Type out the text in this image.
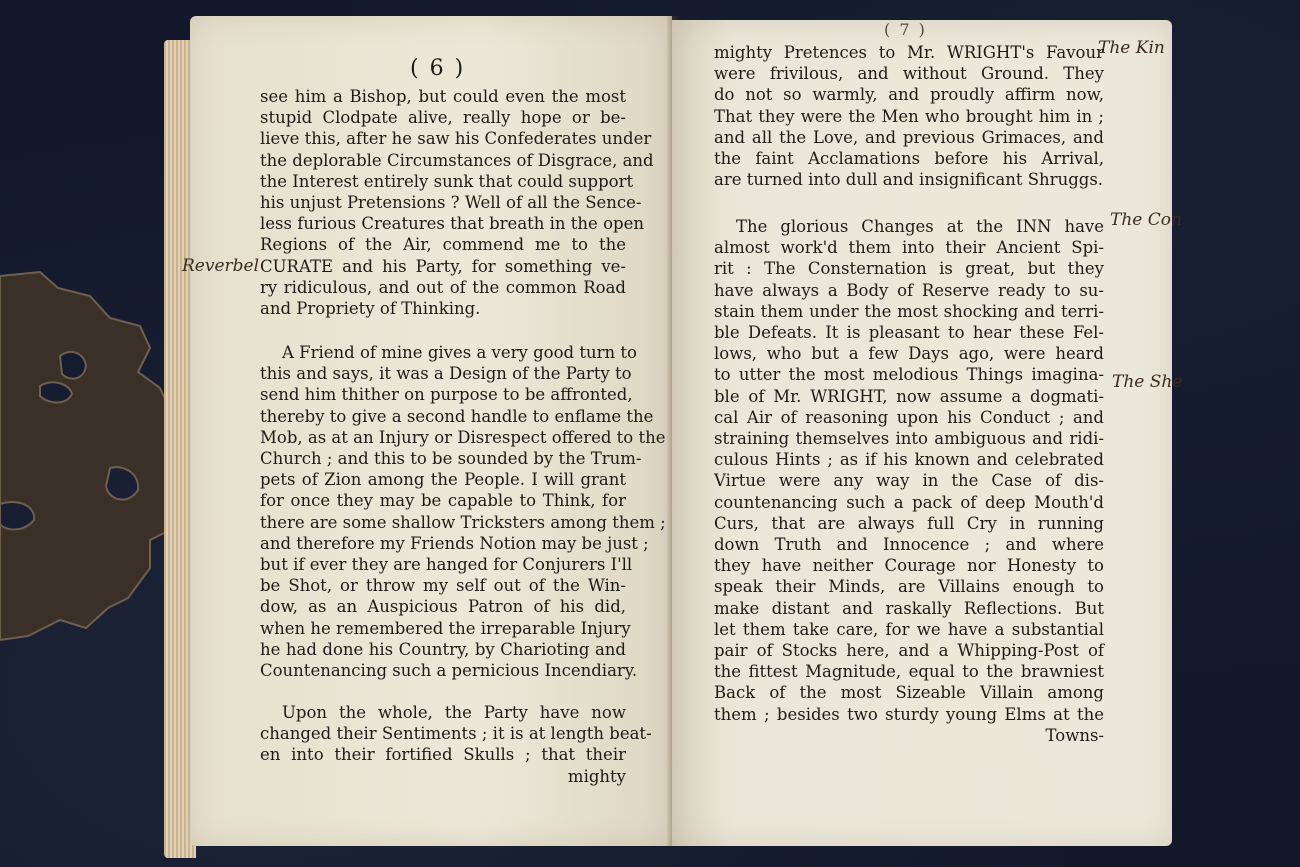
( 6 )
Reverbel
see him a Bishop, but could even the most
stupid Clodpate alive, really hope or be-
lieve this, after he saw his Confederates under
the deplorable Circumstances of Disgrace, and
the Interest entirely sunk that could support
his unjust Pretensions ? Well of all the Sence-
less furious Creatures that breath in the open
Regions of the Air, commend me to the
CURATE and his Party, for something ve-
ry ridiculous, and out of the common Road
and Propriety of Thinking.
A Friend of mine gives a very good turn to
this and says, it was a Design of the Party to
send him thither on purpose to be affronted,
thereby to give a second handle to enflame the
Mob, as at an Injury or Disrespect offered to the
Church ; and this to be sounded by the Trum-
pets of Zion among the People. I will grant
for once they may be capable to Think, for
there are some shallow Tricksters among them ;
and therefore my Friends Notion may be just ;
but if ever they are hanged for Conjurers I'll
be Shot, or throw my self out of the Win-
dow, as an Auspicious Patron of his did,
when he remembered the irreparable Injury
he had done his Country, by Charioting and
Countenancing such a pernicious Incendiary.
Upon the whole, the Party have now
changed their Sentiments ; it is at length beat-
en into their fortified Skulls ; that their
mighty
( 7 )
The Kin
The Con
The She
mighty Pretences to Mr. WRIGHT's Favour
were frivilous, and without Ground. They
do not so warmly, and proudly affirm now,
That they were the Men who brought him in ;
and all the Love, and previous Grimaces, and
the faint Acclamations before his Arrival,
are turned into dull and insignificant Shruggs.
The glorious Changes at the INN have
almost work'd them into their Ancient Spi-
rit : The Consternation is great, but they
have always a Body of Reserve ready to su-
stain them under the most shocking and terri-
ble Defeats. It is pleasant to hear these Fel-
lows, who but a few Days ago, were heard
to utter the most melodious Things imagina-
ble of Mr. WRIGHT, now assume a dogmati-
cal Air of reasoning upon his Conduct ; and
straining themselves into ambiguous and ridi-
culous Hints ; as if his known and celebrated
Virtue were any way in the Case of dis-
countenancing such a pack of deep Mouth'd
Curs, that are always full Cry in running
down Truth and Innocence ; and where
they have neither Courage nor Honesty to
speak their Minds, are Villains enough to
make distant and raskally Reflections. But
let them take care, for we have a substantial
pair of Stocks here, and a Whipping-Post of
the fittest Magnitude, equal to the brawniest
Back of the most Sizeable Villain among
them ; besides two sturdy young Elms at the
Towns-
